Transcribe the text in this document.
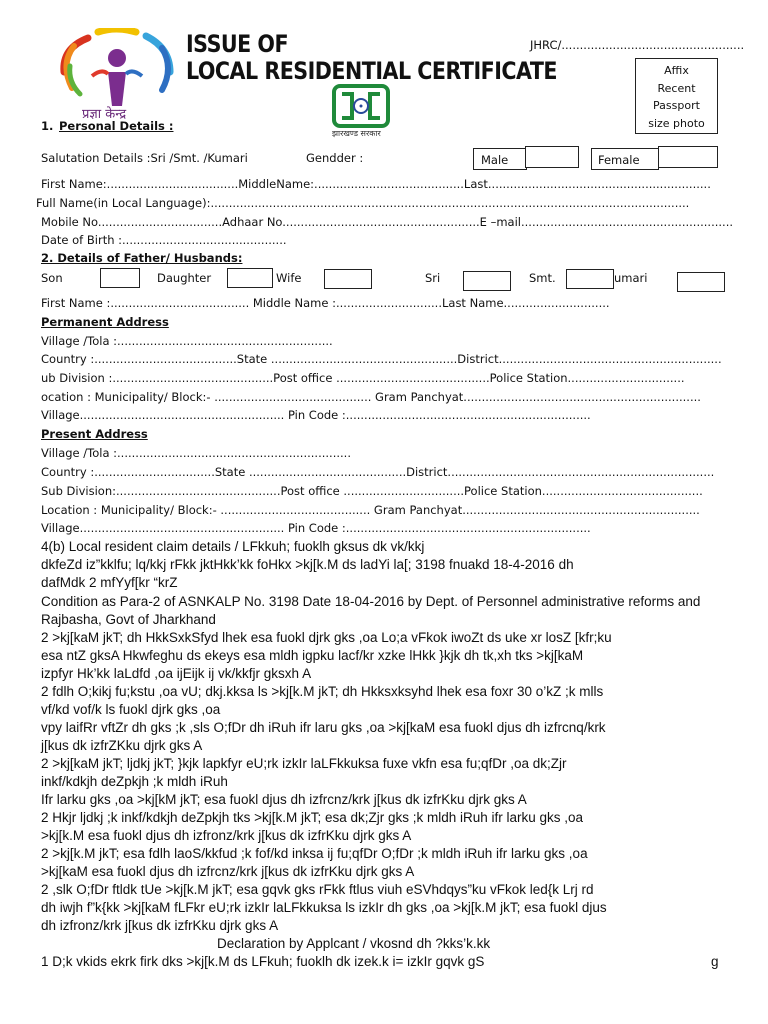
प्रज्ञा केन्द्र
ISSUE OF
LOCAL RESIDENTIAL CERTIFICATE
JHRC/..................................................
Affix
Recent
Passport
size photo
झारखण्ड सरकार
1. Personal Details :
Salutation Details :Sri /Smt. /Kumari	Gendder :	Male	Female
First Name:....................................MiddleName:.........................................Last.............................................................
Full Name(in Local Language):...................................................................................................................................
Mobile No..................................Adhaar No......................................................E –mail..........................................................
Date of Birth :.............................................
2. Details of Father/ Husbands:
Son	Daughter	Wife	Sri	Smt.	umari
First Name :...................................... Middle Name :.............................Last Name.............................
Permanent Address
Village /Tola :...........................................................
Country :.......................................State ...................................................District.............................................................
ub Division :............................................Post office ..........................................Police Station................................
ocation : Municipality/ Block:- ........................................... Gram Panchyat.................................................................
Village........................................................ Pin Code :...................................................................
Present Address
Village /Tola :................................................................
Country :.................................State ...........................................District.........................................................................
Sub Division:.............................................Post office .................................Police Station............................................
Location : Municipality/ Block:- ......................................... Gram Panchyat.................................................................
Village........................................................ Pin Code :...................................................................
4(b) Local resident claim details / LFkkuh; fuoklh gksus dk vk/kkj
dkfeZd iz”kklfu; lq/kkj rFkk jktHkk’kk foHkx >kj[k.M ds ladYi la[; 3198 fnuakd 18-4-2016 dh
dafMdk 2 mfYyf[kr “krZ
Condition as Para-2 of ASNKALP No. 3198 Date 18-04-2016 by Dept. of Personnel administrative reforms and
Rajbasha, Govt of Jharkhand
2 >kj[kaM jkT; dh HkkSxkSfyd lhek esa fuokl djrk gks ,oa Lo;a vFkok iwoZt ds uke xr losZ [kfr;ku
esa ntZ gksA Hkwfeghu ds ekeys esa mldh igpku lacf/kr xzke lHkk }kjk dh tk,xh tks >kj[kaM
izpfyr Hk’kk laLdfd ,oa ijEijk ij vk/kkfjr gksxh A
2 fdlh O;kikj fu;kstu ,oa vU; dkj.kksa ls >kj[k.M jkT; dh Hkksxksyhd lhek esa foxr 30 o’kZ ;k mlls
vf/kd vof/k ls fuokl djrk gks ,oa
vpy laifRr vftZr dh gks ;k ,sls O;fDr dh iRuh ifr laru gks ,oa >kj[kaM esa fuokl djus dh izfrcnq/krk
j[kus dk izfrZKku djrk gks A
2 >kj[kaM jkT; ljdkj jkT; }kjk lapkfyr eU;rk izkIr laLFkkuksa fuxe vkfn esa fu;qfDr ,oa dk;Zjr
inkf/kdkjh deZpkjh ;k mldh iRuh
Ifr larku gks ,oa >kj[kM jkT; esa fuokl djus dh izfrcnz/krk j[kus dk izfrKku djrk gks A
2 Hkjr ljdkj ;k inkf/kdkjh deZpkjh tks >kj[k.M jkT; esa dk;Zjr gks ;k mldh iRuh ifr larku gks ,oa
>kj[k.M esa fuokl djus dh izfronz/krk j[kus dk izfrKku djrk gks A
2 >kj[k.M jkT; esa fdlh laoS/kkfud ;k fof/kd inksa ij fu;qfDr O;fDr ;k mldh iRuh ifr larku gks ,oa
>kj[kaM esa fuokl djus dh izfrcnz/krk j[kus dk izfrKku djrk gks A
2 ,slk O;fDr ftldk tUe >kj[k.M jkT; esa gqvk gks rFkk ftlus viuh eSVhdqys”ku vFkok led{k Lrj rd
dh iwjh f”k{kk >kj[kaM fLFkr eU;rk izkIr laLFkkuksa ls izkIr dh gks ,oa >kj[k.M jkT; esa fuokl djus
dh izfronz/krk j[kus dk izfrKku djrk gks A
Declaration by Applcant / vkosnd dh ?kks’k.kk
1 D;k vkids ekrk firk dks >kj[k.M ds LFkuh; fuoklh dk izek.k i= izkIr gqvk gS	g
